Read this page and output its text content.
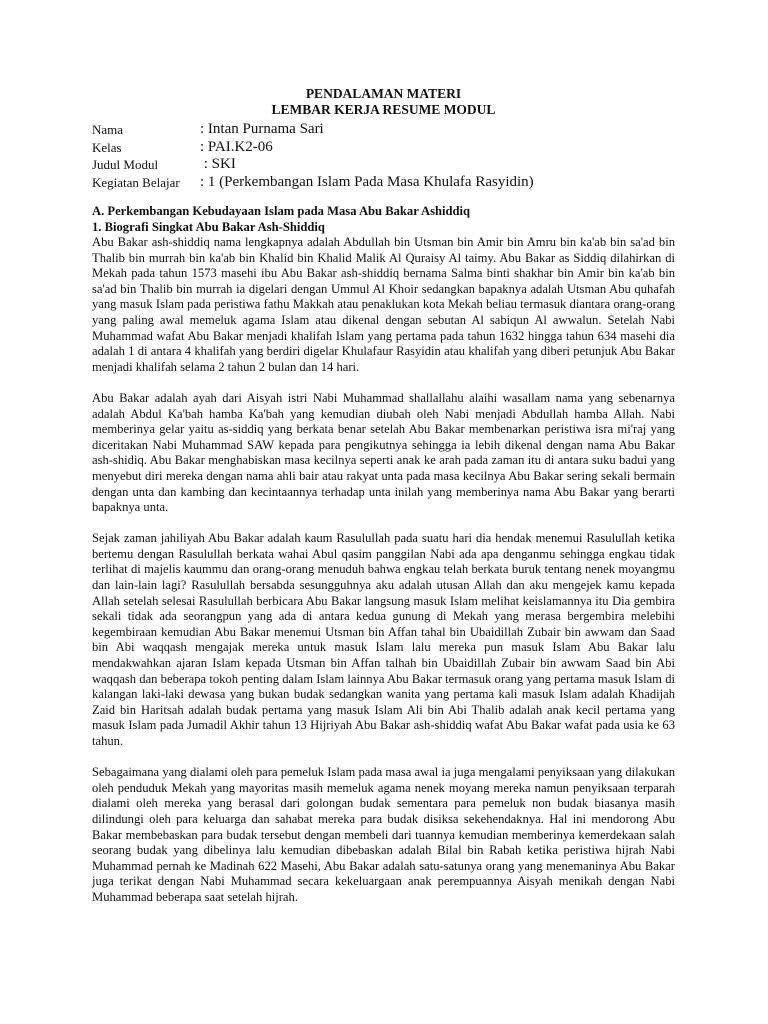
PENDALAMAN MATERI

LEMBAR KERJA RESUME MODUL

Nama	: Intan Purnama Sari
Kelas	: PAI.K2-06
Judul Modul	: SKI
Kegiatan Belajar	: 1 (Perkembangan Islam Pada Masa Khulafa Rasyidin)

A. Perkembangan Kebudayaan Islam pada Masa Abu Bakar Ashiddiq

1. Biografi Singkat Abu Bakar Ash-Shiddiq

Abu Bakar ash-shiddiq nama lengkapnya adalah Abdullah bin Utsman bin Amir bin Amru bin ka'ab bin sa'ad bin Thalib bin murrah bin ka'ab bin Khalid bin Khalid Malik Al Quraisy Al taimy. Abu Bakar as Siddiq dilahirkan di Mekah pada tahun 1573 masehi ibu Abu Bakar ash-shiddiq bernama Salma binti shakhar bin Amir bin ka'ab bin sa'ad bin Thalib bin murrah ia digelari dengan Ummul Al Khoir sedangkan bapaknya adalah Utsman Abu quhafah yang masuk Islam pada peristiwa fathu Makkah atau penaklukan kota Mekah beliau termasuk diantara orang-orang yang paling awal memeluk agama Islam atau dikenal dengan sebutan Al sabiqun Al awwalun. Setelah Nabi Muhammad wafat Abu Bakar menjadi khalifah Islam yang pertama pada tahun 1632 hingga tahun 634 masehi dia adalah 1 di antara 4 khalifah yang berdiri digelar Khulafaur Rasyidin atau khalifah yang diberi petunjuk Abu Bakar menjadi khalifah selama 2 tahun 2 bulan dan 14 hari.

Abu Bakar adalah ayah dari Aisyah istri Nabi Muhammad shallallahu alaihi wasallam nama yang sebenarnya adalah Abdul Ka'bah hamba Ka'bah yang kemudian diubah oleh Nabi menjadi Abdullah hamba Allah. Nabi memberinya gelar yaitu as-siddiq yang berkata benar setelah Abu Bakar membenarkan peristiwa isra mi'raj yang diceritakan Nabi Muhammad SAW kepada para pengikutnya sehingga ia lebih dikenal dengan nama Abu Bakar ash-shidiq. Abu Bakar menghabiskan masa kecilnya seperti anak ke arah pada zaman itu di antara suku badui yang menyebut diri mereka dengan nama ahli bair atau rakyat unta pada masa kecilnya Abu Bakar sering sekali bermain dengan unta dan kambing dan kecintaannya terhadap unta inilah yang memberinya nama Abu Bakar yang berarti bapaknya unta.

Sejak zaman jahiliyah Abu Bakar adalah kaum Rasulullah pada suatu hari dia hendak menemui Rasulullah ketika bertemu dengan Rasulullah berkata wahai Abul qasim panggilan Nabi ada apa denganmu sehingga engkau tidak terlihat di majelis kaummu dan orang-orang menuduh bahwa engkau telah berkata buruk tentang nenek moyangmu dan lain-lain lagi? Rasulullah bersabda sesungguhnya aku adalah utusan Allah dan aku mengejek kamu kepada Allah setelah selesai Rasulullah berbicara Abu Bakar langsung masuk Islam melihat keislamannya itu Dia gembira sekali tidak ada seorangpun yang ada di antara kedua gunung di Mekah yang merasa bergembira melebihi kegembiraan kemudian Abu Bakar menemui Utsman bin Affan tahal bin Ubaidillah Zubair bin awwam dan Saad bin Abi waqqash mengajak mereka untuk masuk Islam lalu mereka pun masuk Islam Abu Bakar lalu mendakwahkan ajaran Islam kepada Utsman bin Affan talhah bin Ubaidillah Zubair bin awwam Saad bin Abi waqqash dan beberapa tokoh penting dalam Islam lainnya Abu Bakar termasuk orang yang pertama masuk Islam di kalangan laki-laki dewasa yang bukan budak sedangkan wanita yang pertama kali masuk Islam adalah Khadijah Zaid bin Haritsah adalah budak pertama yang masuk Islam Ali bin Abi Thalib adalah anak kecil pertama yang masuk Islam pada Jumadil Akhir tahun 13 Hijriyah Abu Bakar ash-shiddiq wafat Abu Bakar wafat pada usia ke 63 tahun.

Sebagaimana yang dialami oleh para pemeluk Islam pada masa awal ia juga mengalami penyiksaan yang dilakukan oleh penduduk Mekah yang mayoritas masih memeluk agama nenek moyang mereka namun penyiksaan terparah dialami oleh mereka yang berasal dari golongan budak sementara para pemeluk non budak biasanya masih dilindungi oleh para keluarga dan sahabat mereka para budak disiksa sekehendaknya. Hal ini mendorong Abu Bakar membebaskan para budak tersebut dengan membeli dari tuannya kemudian memberinya kemerdekaan salah seorang budak yang dibelinya lalu kemudian dibebaskan adalah Bilal bin Rabah ketika peristiwa hijrah Nabi Muhammad pernah ke Madinah 622 Masehi, Abu Bakar adalah satu-satunya orang yang menemaninya Abu Bakar juga terikat dengan Nabi Muhammad secara kekeluargaan anak perempuannya Aisyah menikah dengan Nabi Muhammad beberapa saat setelah hijrah.
